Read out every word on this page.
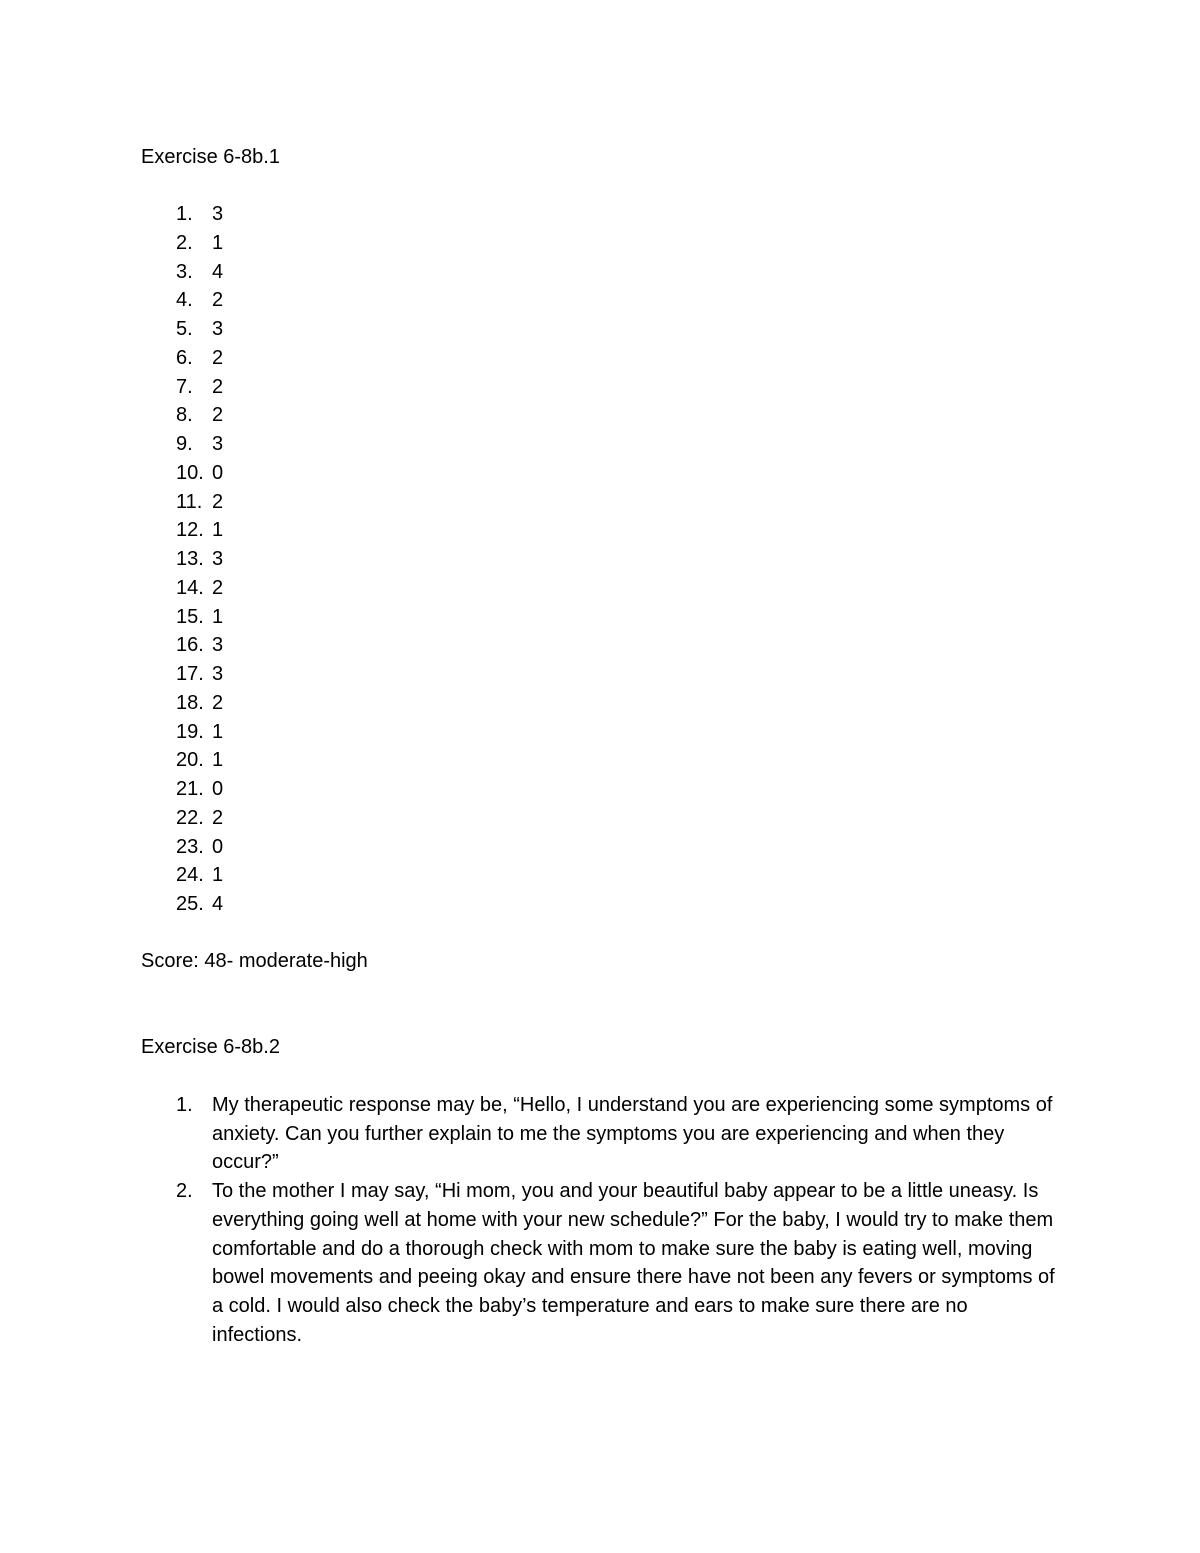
Exercise 6-8b.1
1. 3
2. 1
3. 4
4. 2
5. 3
6. 2
7. 2
8. 2
9. 3
10. 0
11. 2
12. 1
13. 3
14. 2
15. 1
16. 3
17. 3
18. 2
19. 1
20. 1
21. 0
22. 2
23. 0
24. 1
25. 4

Score: 48- moderate-high

Exercise 6-8b.2
1. My therapeutic response may be, “Hello, I understand you are experiencing some symptoms of anxiety. Can you further explain to me the symptoms you are experiencing and when they occur?”
2. To the mother I may say, “Hi mom, you and your beautiful baby appear to be a little uneasy. Is everything going well at home with your new schedule?” For the baby, I would try to make them comfortable and do a thorough check with mom to make sure the baby is eating well, moving bowel movements and peeing okay and ensure there have not been any fevers or symptoms of a cold. I would also check the baby’s temperature and ears to make sure there are no infections.
